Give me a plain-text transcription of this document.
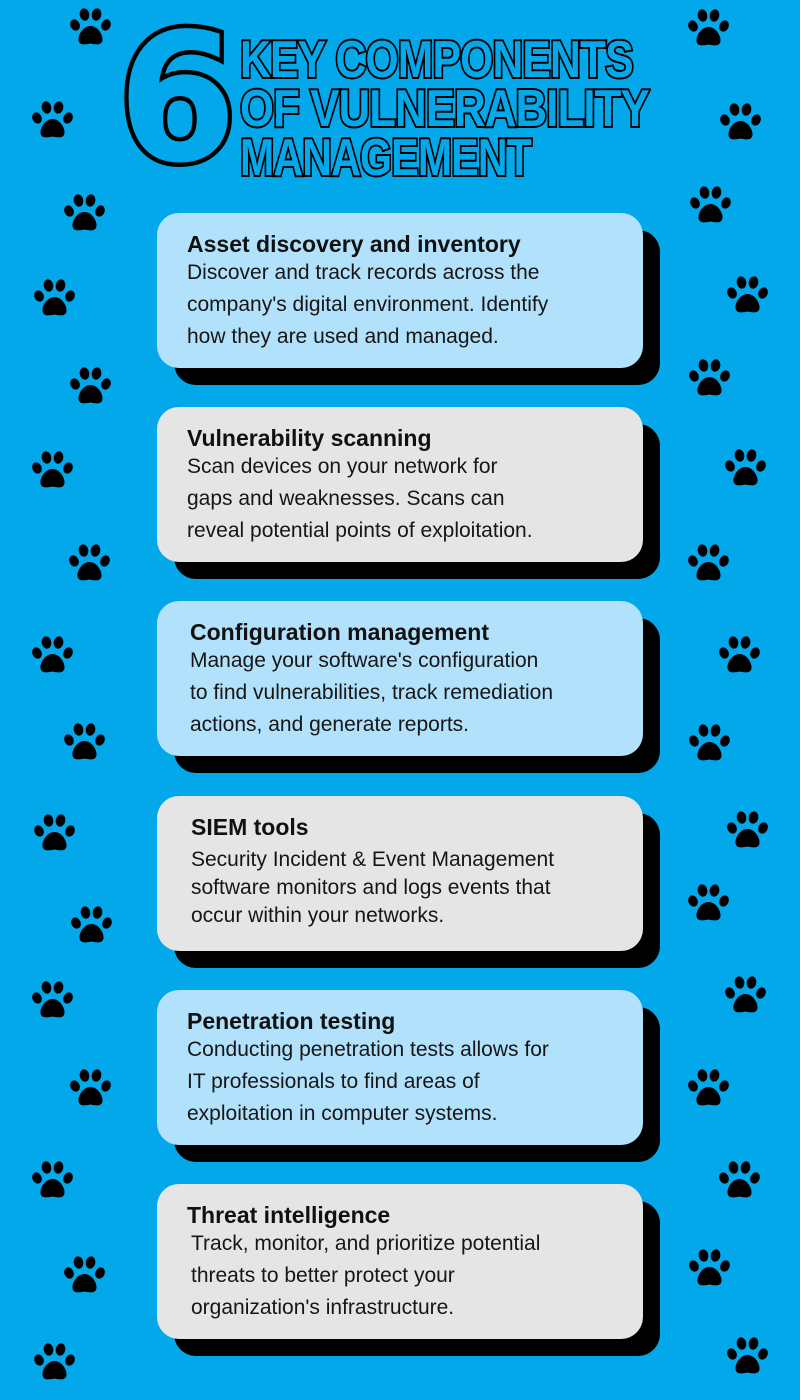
6 KEY COMPONENTS
OF VULNERABILITY
MANAGEMENT

Asset discovery and inventory

Discover and track records across the
company's digital environment. Identify
how they are used and managed.

Vulnerability scanning

Scan devices on your network for
gaps and weaknesses. Scans can
reveal potential points of exploitation.

Configuration management

Manage your software's configuration
to find vulnerabilities, track remediation
actions, and generate reports.

SIEM tools

Security Incident & Event Management
software monitors and logs events that
occur within your networks.

Penetration testing

Conducting penetration tests allows for
IT professionals to find areas of
exploitation in computer systems.

Threat intelligence

Track, monitor, and prioritize potential
threats to better protect your
organization's infrastructure.
